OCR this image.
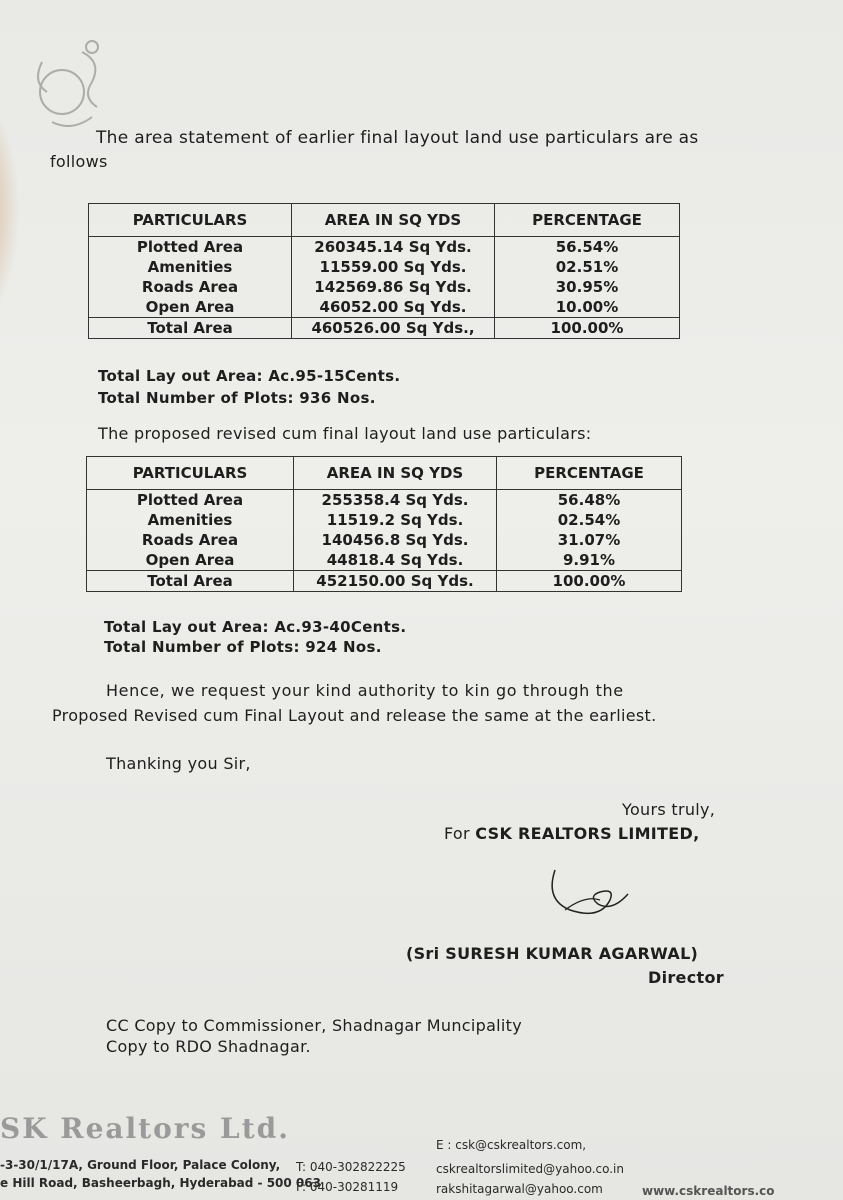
The area statement of earlier final layout land use particulars are as

follows

PARTICULARS	AREA IN SQ YDS	PERCENTAGE
Plotted Area	260345.14 Sq Yds.	56.54%
Amenities	11559.00 Sq Yds.	02.51%
Roads Area	142569.86 Sq Yds.	30.95%
Open Area	46052.00 Sq Yds.	10.00%
Total Area	460526.00 Sq Yds.,	100.00%

Total Lay out Area: Ac.95-15Cents.

Total Number of Plots: 936 Nos.

The proposed revised cum final layout land use particulars:

PARTICULARS	AREA IN SQ YDS	PERCENTAGE
Plotted Area	255358.4 Sq Yds.	56.48%
Amenities	11519.2 Sq Yds.	02.54%
Roads Area	140456.8 Sq Yds.	31.07%
Open Area	44818.4 Sq Yds.	9.91%
Total Area	452150.00 Sq Yds.	100.00%

Total Lay out Area: Ac.93-40Cents.

Total Number of Plots: 924 Nos.

Hence, we request your kind authority to kin go through the

Proposed Revised cum Final Layout and release the same at the earliest.

Thanking you Sir,

Yours truly,

For CSK REALTORS LIMITED,

(Sri SURESH KUMAR AGARWAL)

Director

CC Copy to Commissioner, Shadnagar Muncipality

Copy to RDO Shadnagar.

SK Realtors Ltd.
-3-30/1/17A, Ground Floor, Palace Colony,
e Hill Road, Basheerbagh, Hyderabad - 500 063
T: 040-302822225
F: 040-30281119
E : csk@cskrealtors.com,
cskrealtorslimited@yahoo.co.in
rakshitagarwal@yahoo.com	www.cskrealtors.co
